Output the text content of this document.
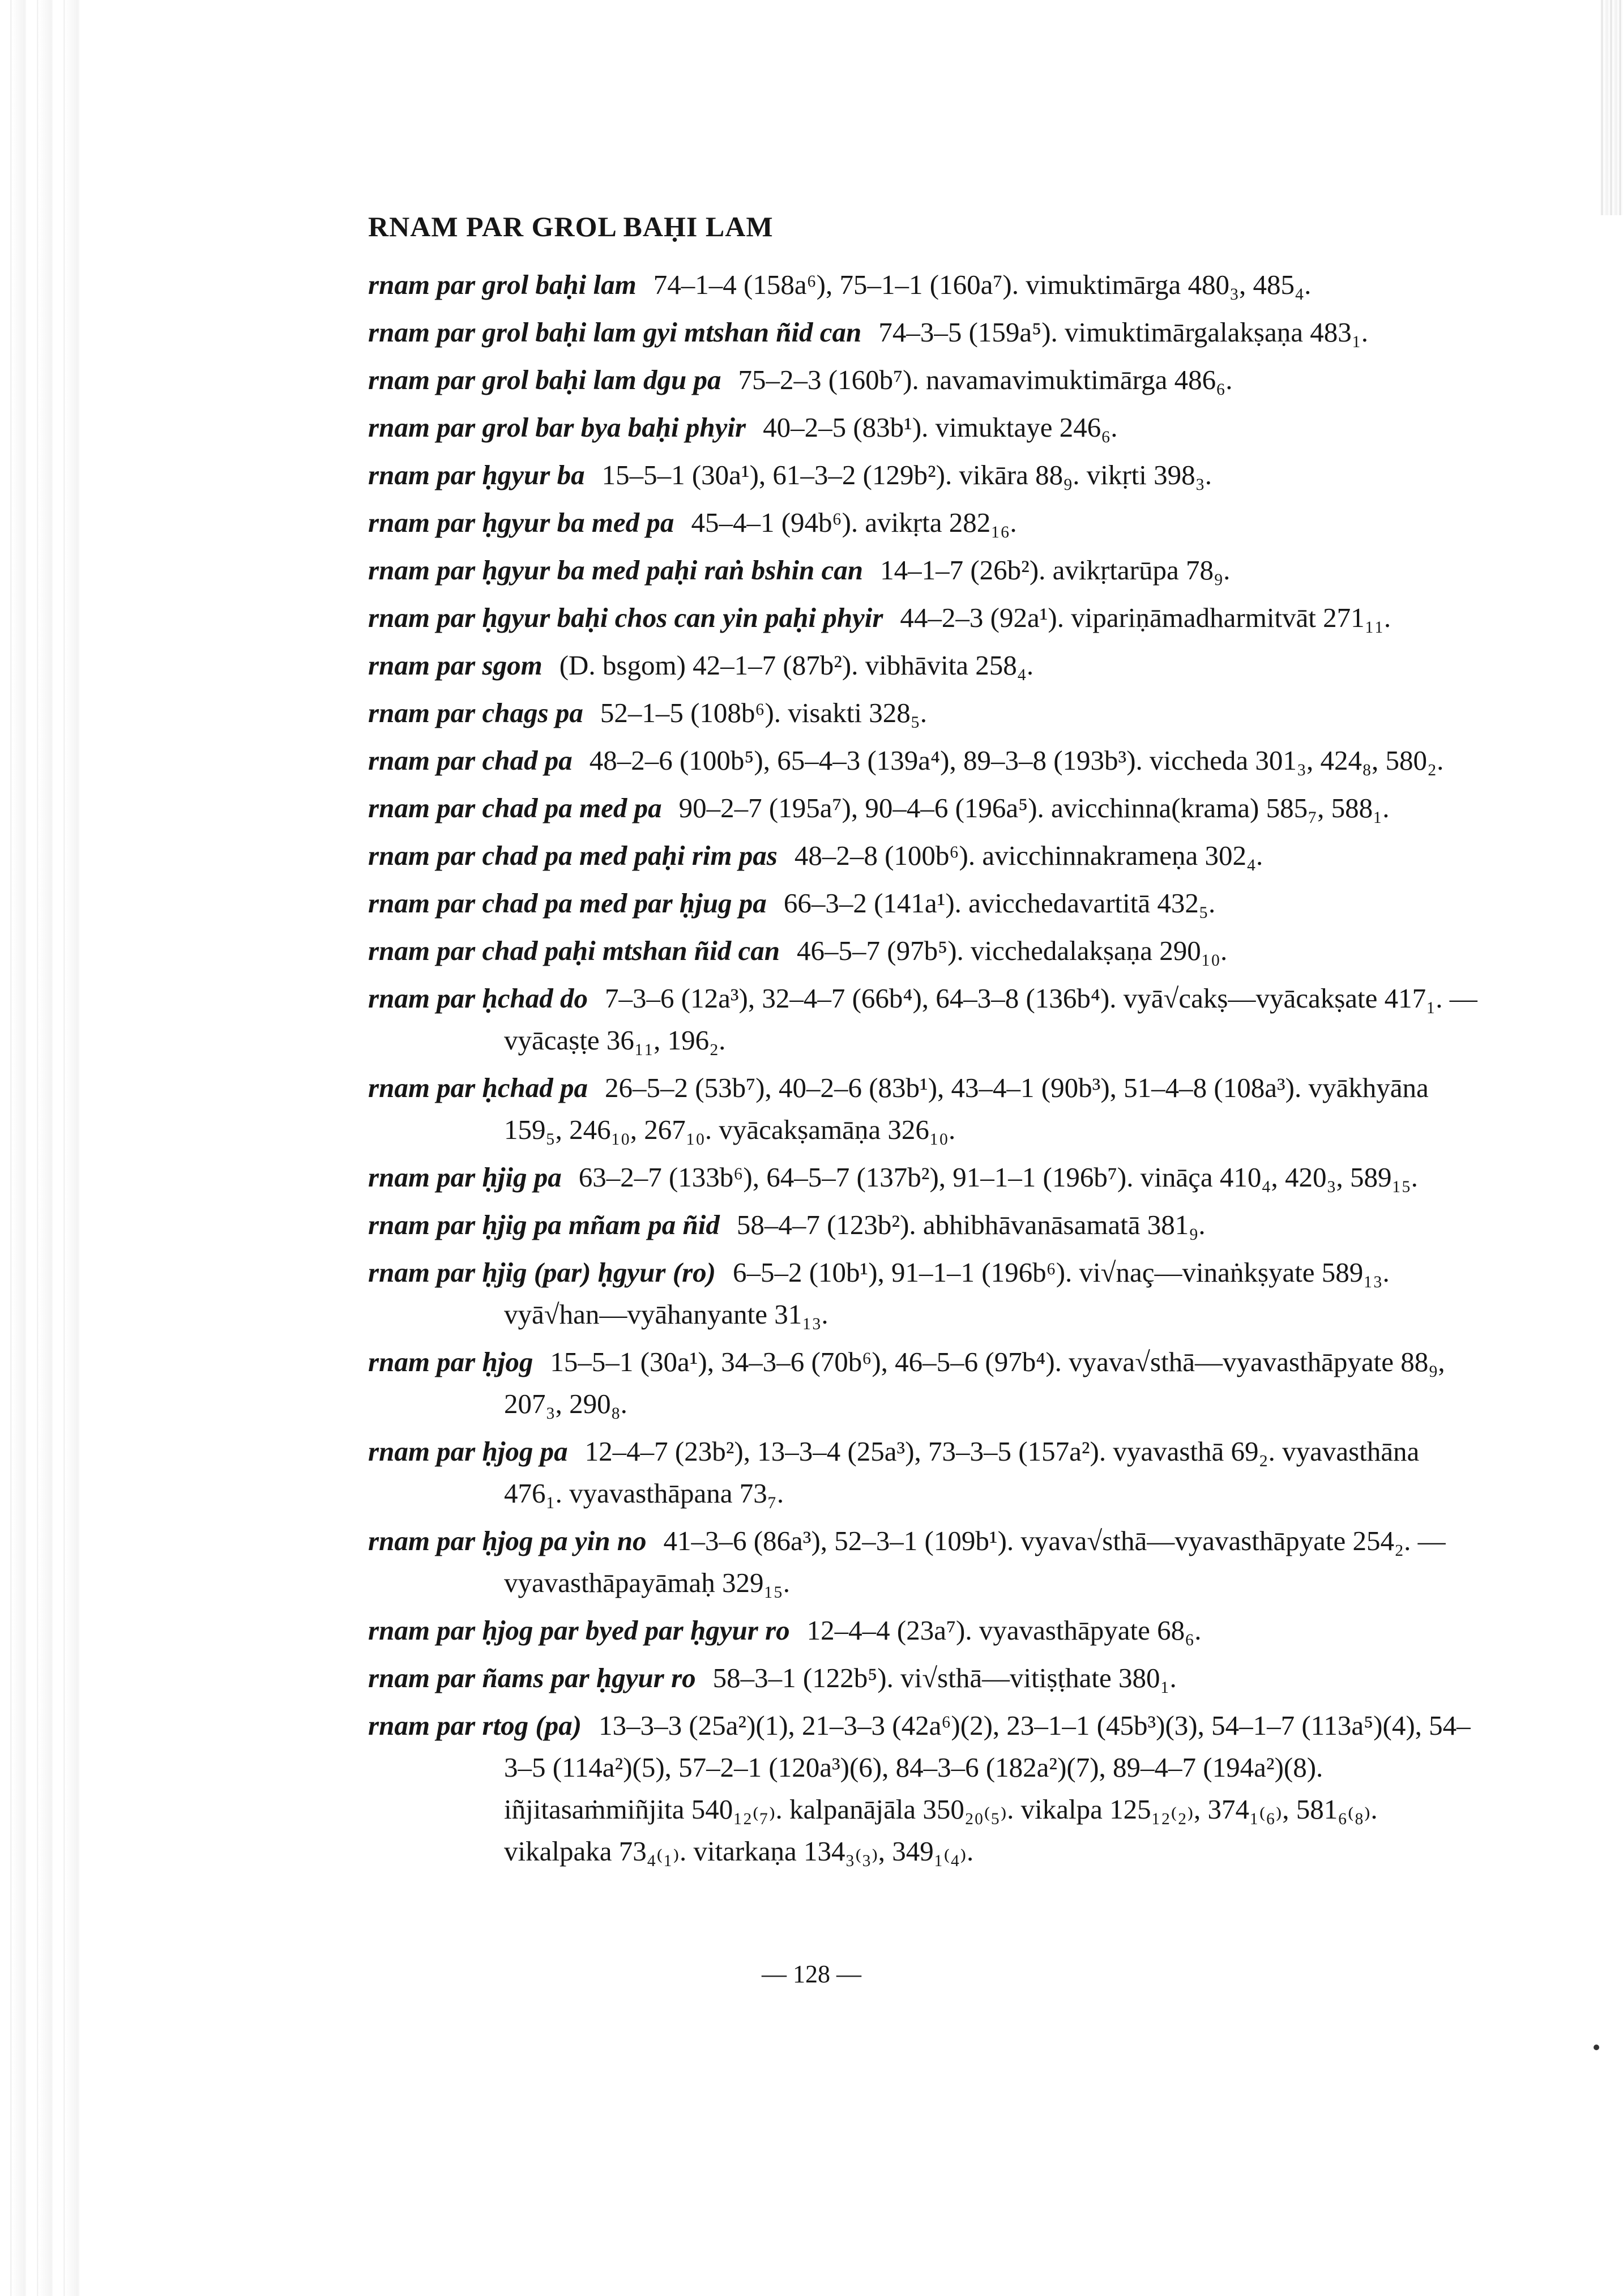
RNAM PAR GROL BAḤI LAM
rnam par grol baḥi lam 74–1–4 (158a⁶), 75–1–1 (160a⁷). vimuktimārga 480₃, 485₄.
rnam par grol baḥi lam gyi mtshan ñid can 74–3–5 (159a⁵). vimuktimārgalakṣaṇa 483₁.
rnam par grol baḥi lam dgu pa 75–2–3 (160b⁷). navamavimuktimārga 486₆.
rnam par grol bar bya baḥi phyir 40–2–5 (83b¹). vimuktaye 246₆.
rnam par ḥgyur ba 15–5–1 (30a¹), 61–3–2 (129b²). vikāra 88₉. vikṛti 398₃.
rnam par ḥgyur ba med pa 45–4–1 (94b⁶). avikṛta 282₁₆.
rnam par ḥgyur ba med paḥi raṅ bshin can 14–1–7 (26b²). avikṛtarūpa 78₉.
rnam par ḥgyur baḥi chos can yin paḥi phyir 44–2–3 (92a¹). vipariṇāmadharmitvāt 271₁₁.
rnam par sgom (D. bsgom) 42–1–7 (87b²). vibhāvita 258₄.
rnam par chags pa 52–1–5 (108b⁶). visakti 328₅.
rnam par chad pa 48–2–6 (100b⁵), 65–4–3 (139a⁴), 89–3–8 (193b³). viccheda 301₃, 424₈, 580₂.
rnam par chad pa med pa 90–2–7 (195a⁷), 90–4–6 (196a⁵). avicchinna(krama) 585₇, 588₁.
rnam par chad pa med paḥi rim pas 48–2–8 (100b⁶). avicchinnakrameṇa 302₄.
rnam par chad pa med par ḥjug pa 66–3–2 (141a¹). avicchedavartitā 432₅.
rnam par chad paḥi mtshan ñid can 46–5–7 (97b⁵). vicchedalakṣaṇa 290₁₀.
rnam par ḥchad do 7–3–6 (12a³), 32–4–7 (66b⁴), 64–3–8 (136b⁴). vyā√cakṣ—vyācakṣate 417₁. —vyācaṣṭe 36₁₁, 196₂.
rnam par ḥchad pa 26–5–2 (53b⁷), 40–2–6 (83b¹), 43–4–1 (90b³), 51–4–8 (108a³). vyākhyāna 159₅, 246₁₀, 267₁₀. vyācakṣamāṇa 326₁₀.
rnam par ḥjig pa 63–2–7 (133b⁶), 64–5–7 (137b²), 91–1–1 (196b⁷). vināça 410₄, 420₃, 589₁₅.
rnam par ḥjig pa mñam pa ñid 58–4–7 (123b²). abhibhāvanāsamatā 381₉.
rnam par ḥjig (par) ḥgyur (ro) 6–5–2 (10b¹), 91–1–1 (196b⁶). vi√naç—vinaṅkṣyate 589₁₃. vyā√han—vyāhanyante 31₁₃.
rnam par ḥjog 15–5–1 (30a¹), 34–3–6 (70b⁶), 46–5–6 (97b⁴). vyava√sthā—vyavasthāpyate 88₉, 207₃, 290₈.
rnam par ḥjog pa 12–4–7 (23b²), 13–3–4 (25a³), 73–3–5 (157a²). vyavasthā 69₂. vyavasthāna 476₁. vyavasthāpana 73₇.
rnam par ḥjog pa yin no 41–3–6 (86a³), 52–3–1 (109b¹). vyava√sthā—vyavasthāpyate 254₂. —vyavasthāpayāmaḥ 329₁₅.
rnam par ḥjog par byed par ḥgyur ro 12–4–4 (23a⁷). vyavasthāpyate 68₆.
rnam par ñams par ḥgyur ro 58–3–1 (122b⁵). vi√sthā—vitiṣṭhate 380₁.
rnam par rtog (pa) 13–3–3 (25a²)(1), 21–3–3 (42a⁶)(2), 23–1–1 (45b³)(3), 54–1–7 (113a⁵)(4), 54–3–5 (114a²)(5), 57–2–1 (120a³)(6), 84–3–6 (182a²)(7), 89–4–7 (194a²)(8). iñjitasaṁmiñjita 540₁₂₍₇₎. kalpanājāla 350₂₀₍₅₎. vikalpa 125₁₂₍₂₎, 374₁₍₆₎, 581₆₍₈₎. vikalpaka 73₄₍₁₎. vitarkaṇa 134₃₍₃₎, 349₁₍₄₎.
— 128 —
